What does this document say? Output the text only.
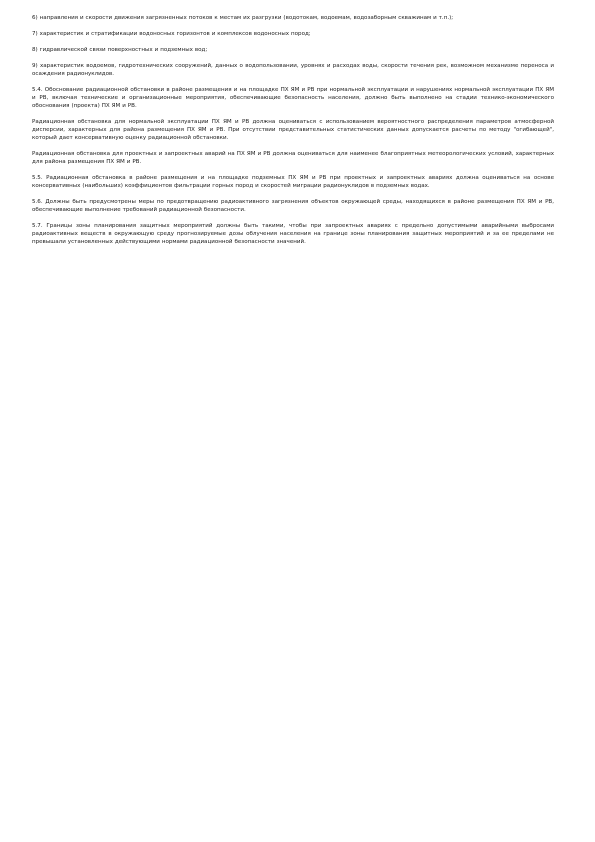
6) направления и скорости движения загрязненных потоков к местам их разгрузки (водотокам, водоемам, водозаборным скважинам и т.п.);

7) характеристик и стратификации водоносных горизонтов и комплексов водоносных пород;

8) гидравлической связи поверхностных и подземных вод;

9) характеристик водоемов, гидротехнических сооружений, данных о водопользовании, уровнях и расходах воды, скорости течения рек, возможном механизме переноса и осаждения радионуклидов.

5.4. Обоснование радиационной обстановки в районе размещения и на площадке ПХ ЯМ и РВ при нормальной эксплуатации и нарушениях нормальной эксплуатации ПХ ЯМ и РВ, включая технические и организационные мероприятия, обеспечивающие безопасность населения, должно быть выполнено на стадии технико-экономического обоснования (проекта) ПХ ЯМ и РВ.

Радиационная обстановка для нормальной эксплуатации ПХ ЯМ и РВ должна оцениваться с использованием вероятностного распределения параметров атмосферной дисперсии, характерных для района размещения ПХ ЯМ и РВ. При отсутствии представительных статистических данных допускается расчеты по методу "огибающей", который дает консервативную оценку радиационной обстановки.

Радиационная обстановка для проектных и запроектных аварий на ПХ ЯМ и РВ должна оцениваться для наименее благоприятных метеорологических условий, характерных для района размещения ПХ ЯМ и РВ.

5.5. Радиационная обстановка в районе размещения и на площадке подземных ПХ ЯМ и РВ при проектных и запроектных авариях должна оцениваться на основе консервативных (наибольших) коэффициентов фильтрации горных пород и скоростей миграции радионуклидов в подземных водах.

5.6. Должны быть предусмотрены меры по предотвращению радиоактивного загрязнения объектов окружающей среды, находящихся в районе размещения ПХ ЯМ и РВ, обеспечивающие выполнение требований радиационной безопасности.

5.7. Границы зоны планирования защитных мероприятий должны быть такими, чтобы при запроектных авариях с предельно допустимыми аварийными выбросами радиоактивных веществ в окружающую среду прогнозируемые дозы облучения населения на границе зоны планирования защитных мероприятий и за ее пределами не превышали установленных действующими нормами радиационной безопасности значений.
